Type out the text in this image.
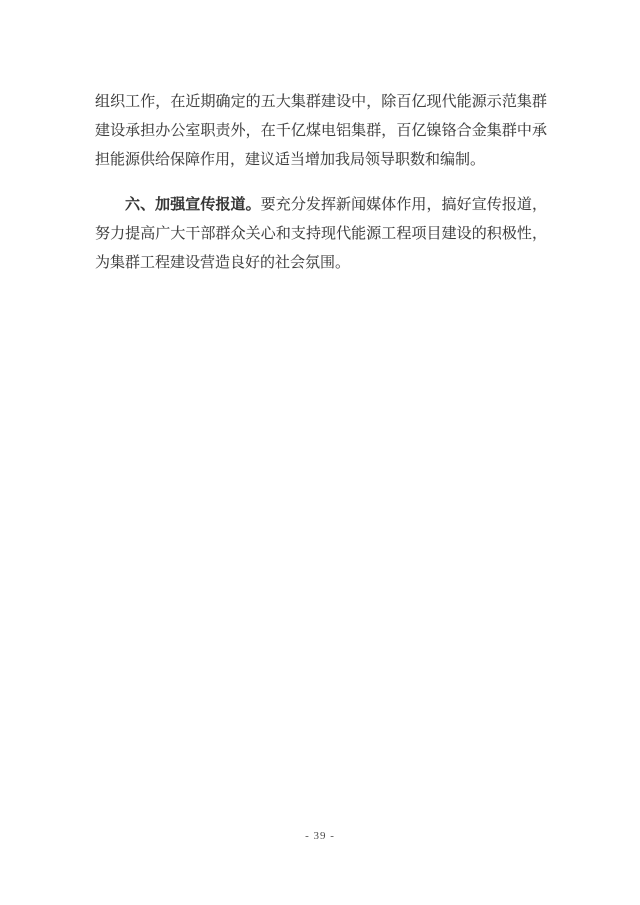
组织工作，在近期确定的五大集群建设中，除百亿现代能源示范集群建设承担办公室职责外，在千亿煤电铝集群，百亿镍铬合金集群中承担能源供给保障作用，建议适当增加我局领导职数和编制。

六、加强宣传报道。要充分发挥新闻媒体作用，搞好宣传报道，努力提高广大干部群众关心和支持现代能源工程项目建设的积极性，为集群工程建设营造良好的社会氛围。

- 39 -
